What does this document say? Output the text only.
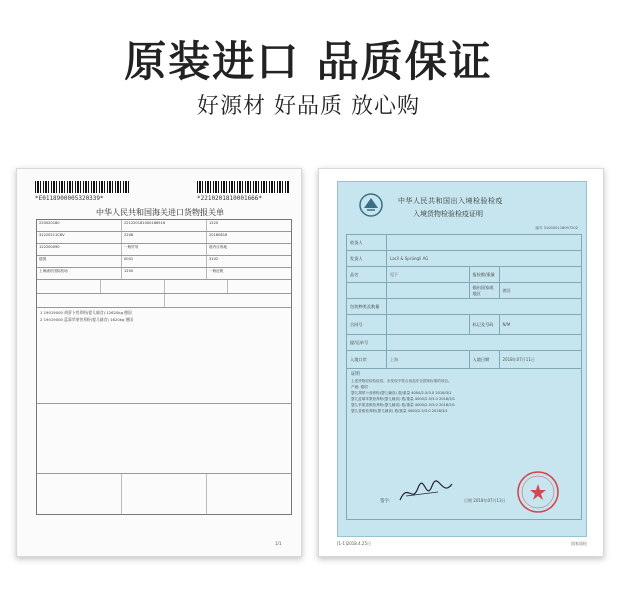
原装进口 品质保证
好源材 好品质 放心购
*E0118900005320339*	*2210201810001666*
中华人民共和国海关进口货物报关单
220020180	221220181000166516	1220
31220211C8V	2208	20180816
122200090	一般贸易	境内目的地
德国	0001	3102
上海浦东国际机场	1250	一般征税

1 19019000 胡萝卜营养粉(婴儿辅食) 12620kg 德国

2 19019000 蓝莓苹果营养粉(婴儿辅食) 1620kg 德国

1/1
中华人民共和国出入境检验检疫
入境货物检验检疫证明
编号 310000118097202
收货人
发货人	Lacil & Sprüngli AG
品名	见下	报检数/重量
输出国家或地区
德国
包装种类及数量
合同号	标记及号码	N/M
提/运单号
入境口岸	上海	入境日期	2018年07月11日
证明
上述货物经检验检疫，未发现不符合食品安全国家标准的项目。
产地: 德国
婴儿胡萝卜营养粉(婴儿辅食) 数/重量 4000/2.5/3.0 2018/3/1
婴儿蓝莓苹果营养粉(婴儿辅食) 数/重量 4000/2.5/3.0 2018/3/1
婴儿苹果香蕉营养粉(婴儿辅食) 数/重量 4000/2.5/3.0 2018/3/1
婴儿香蕉营养粉(婴儿辅食) 数/重量 4000/2.5/3.0 2018/3/1
签字：	日期 2018年07月13日
[1-1]2018.4.25日	国家质检
